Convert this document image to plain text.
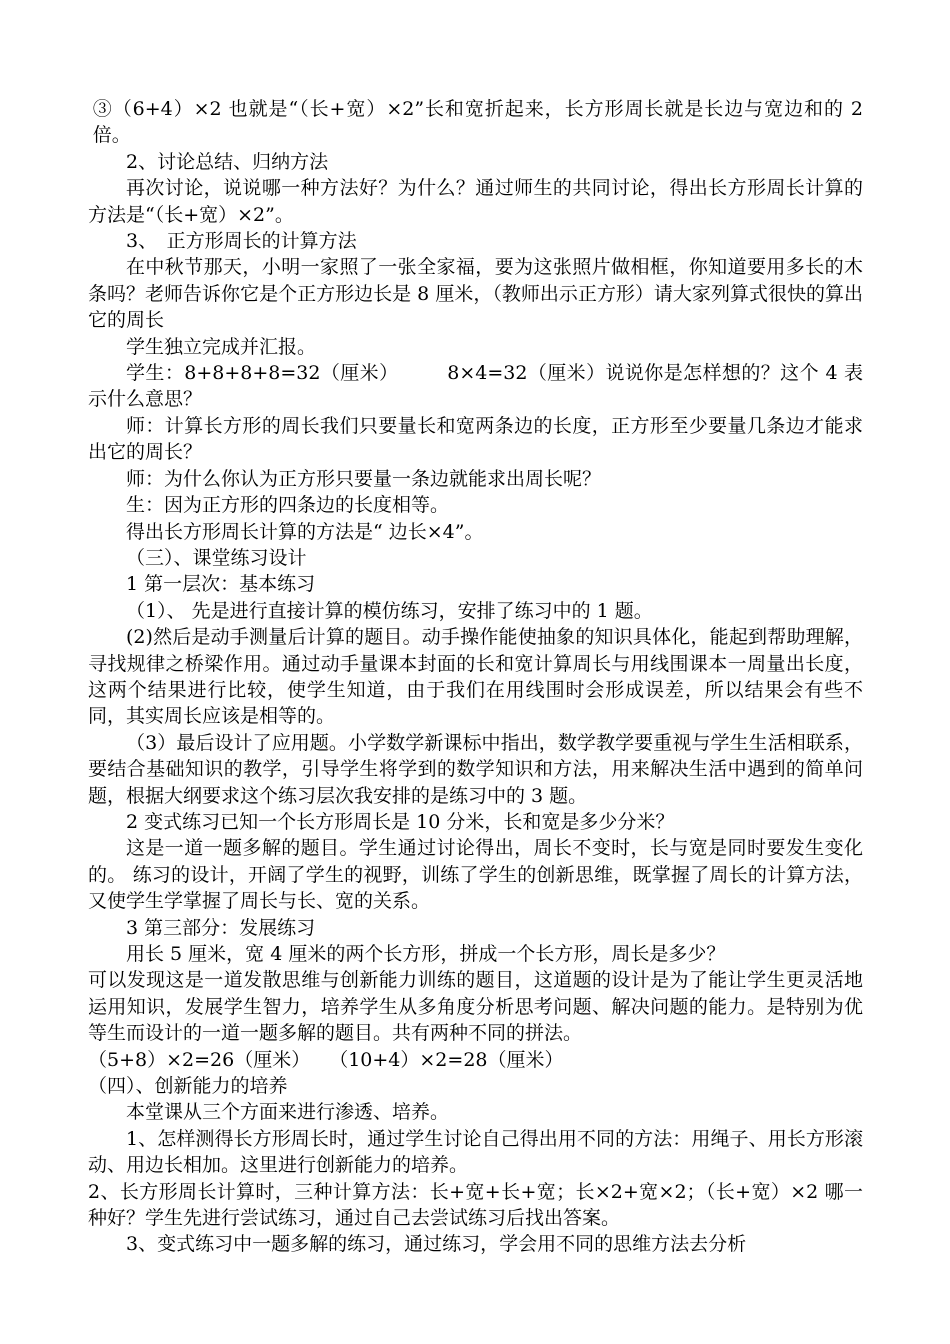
③（6+4）×2 也就是“（长+宽）×2”长和宽折起来，长方形周长就是长边与宽边和的 2 倍。

2、讨论总结、归纳方法

再次讨论，说说哪一种方法好？为什么？通过师生的共同讨论，得出长方形周长计算的方法是“（长+宽）×2”。

3、　正方形周长的计算方法

在中秋节那天，小明一家照了一张全家福，要为这张照片做相框，你知道要用多长的木条吗？老师告诉你它是个正方形边长是 8 厘米，（教师出示正方形）请大家列算式很快的算出它的周长

学生独立完成并汇报。

学生：8+8+8+8=32（厘米）　　　8×4=32（厘米）说说你是怎样想的？这个 4 表示什么意思？

师：计算长方形的周长我们只要量长和宽两条边的长度，正方形至少要量几条边才能求出它的周长？

师：为什么你认为正方形只要量一条边就能求出周长呢？

生：因为正方形的四条边的长度相等。

得出长方形周长计算的方法是“ 边长×4”。

（三）、课堂练习设计

1 第一层次：基本练习

（1）、 先是进行直接计算的模仿练习，安排了练习中的 1 题。

(2)然后是动手测量后计算的题目。动手操作能使抽象的知识具体化，能起到帮助理解，寻找规律之桥梁作用。通过动手量课本封面的长和宽计算周长与用线围课本一周量出长度，这两个结果进行比较，使学生知道，由于我们在用线围时会形成误差，所以结果会有些不同，其实周长应该是相等的。

（3）最后设计了应用题。小学数学新课标中指出，数学教学要重视与学生生活相联系，要结合基础知识的教学，引导学生将学到的数学知识和方法，用来解决生活中遇到的简单问题，根据大纲要求这个练习层次我安排的是练习中的 3 题。

2 变式练习已知一个长方形周长是 10 分米，长和宽是多少分米？

这是一道一题多解的题目。学生通过讨论得出，周长不变时，长与宽是同时要发生变化的。 练习的设计，开阔了学生的视野，训练了学生的创新思维，既掌握了周长的计算方法，又使学生学掌握了周长与长、宽的关系。

3 第三部分：发展练习

用长 5 厘米，宽 4 厘米的两个长方形，拼成一个长方形，周长是多少？

可以发现这是一道发散思维与创新能力训练的题目，这道题的设计是为了能让学生更灵活地运用知识，发展学生智力，培养学生从多角度分析思考问题、解决问题的能力。是特别为优等生而设计的一道一题多解的题目。共有两种不同的拼法。

（5+8）×2=26（厘米）　　（10+4）×2=28（厘米）

（四）、创新能力的培养

本堂课从三个方面来进行渗透、培养。

1、怎样测得长方形周长时，通过学生讨论自己得出用不同的方法：用绳子、用长方形滚动、用边长相加。这里进行创新能力的培养。

2、长方形周长计算时，三种计算方法：长+宽+长+宽；长×2+宽×2；（长+宽）×2 哪一种好？学生先进行尝试练习，通过自己去尝试练习后找出答案。

3、变式练习中一题多解的练习，通过练习，学会用不同的思维方法去分析
